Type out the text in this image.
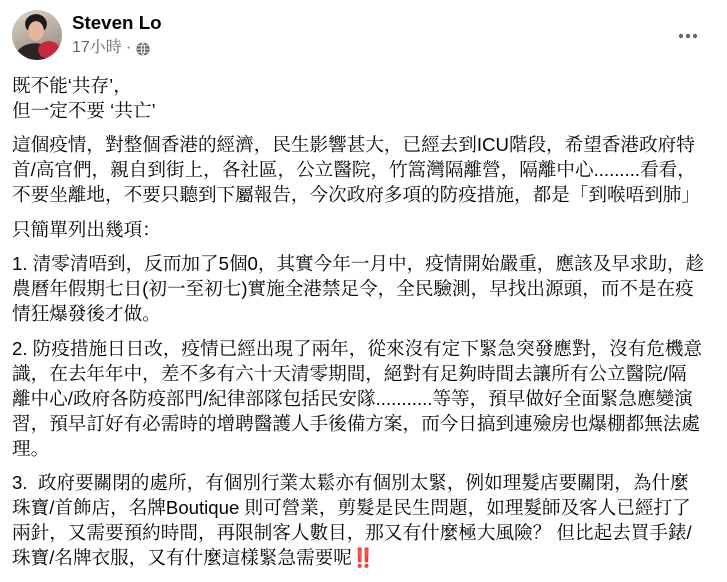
Steven Lo
17小時 ·
既不能‘共存’，
但一定不要 ‘共亡’
這個疫情，對整個香港的經濟，民生影響甚大，已經去到ICU階段，希望香港政府特
首/高官們，親自到街上，各社區，公立醫院，竹篙灣隔離營，隔離中心.........看看，
不要坐離地，不要只聽到下屬報告，今次政府多項的防疫措施，都是「到喉唔到肺」
只簡單列出幾項：
1. 清零清唔到，反而加了5個0，其實今年一月中，疫情開始嚴重，應該及早求助，趁
農曆年假期七日(初一至初七)實施全港禁足令，全民驗測，早找出源頭，而不是在疫
情狂爆發後才做。
2. 防疫措施日日改，疫情已經出現了兩年，從來沒有定下緊急突發應對，沒有危機意
識，在去年年中，差不多有六十天清零期間，絕對有足夠時間去讓所有公立醫院/隔
離中心/政府各防疫部門/紀律部隊包括民安隊...........等等，預早做好全面緊急應變演
習，預早訂好有必需時的增聘醫護人手後備方案，而今日搞到連殮房也爆棚都無法處
理。
3.  政府要關閉的處所，有個別行業太鬆亦有個別太緊，例如理髮店要關閉，為什麼
珠寶/首飾店，名牌Boutique 則可營業，剪髮是民生問題，如理髮師及客人已經打了
兩針，又需要預約時間，再限制客人數目，那又有什麼極大風險？ 但比起去買手錶/
珠寶/名牌衣服，又有什麼這樣緊急需要呢‼️
